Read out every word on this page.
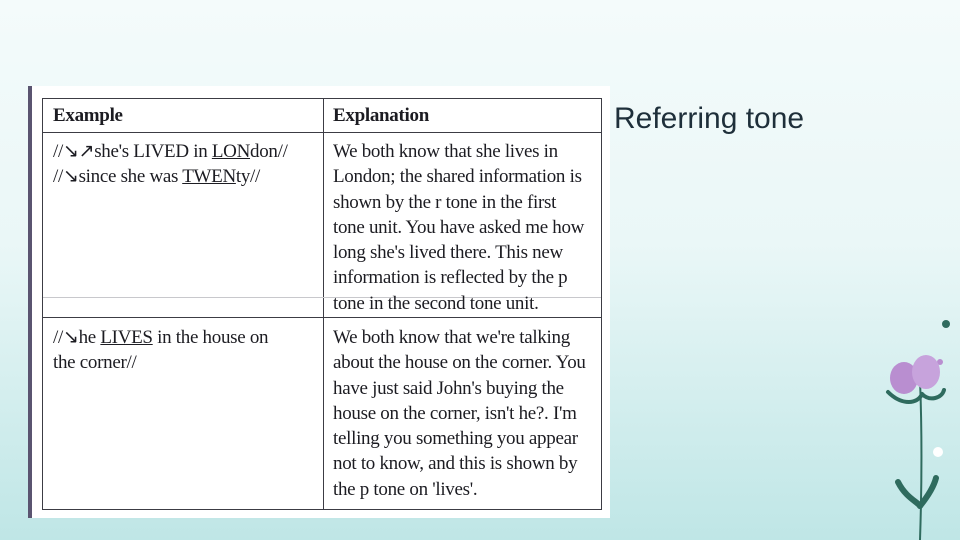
Referring tone
Example	Explanation
//↘↗she's LIVED in LONdon//
//↘since she was TWENty//
We both know that she lives in
London; the shared information is
shown by the r tone in the first
tone unit. You have asked me how
long she's lived there. This new
information is reflected by the p
tone in the second tone unit.
//↘he LIVES in the house on
the corner//
We both know that we're talking
about the house on the corner. You
have just said John's buying the
house on the corner, isn't he?. I'm
telling you something you appear
not to know, and this is shown by
the p tone on 'lives'.
